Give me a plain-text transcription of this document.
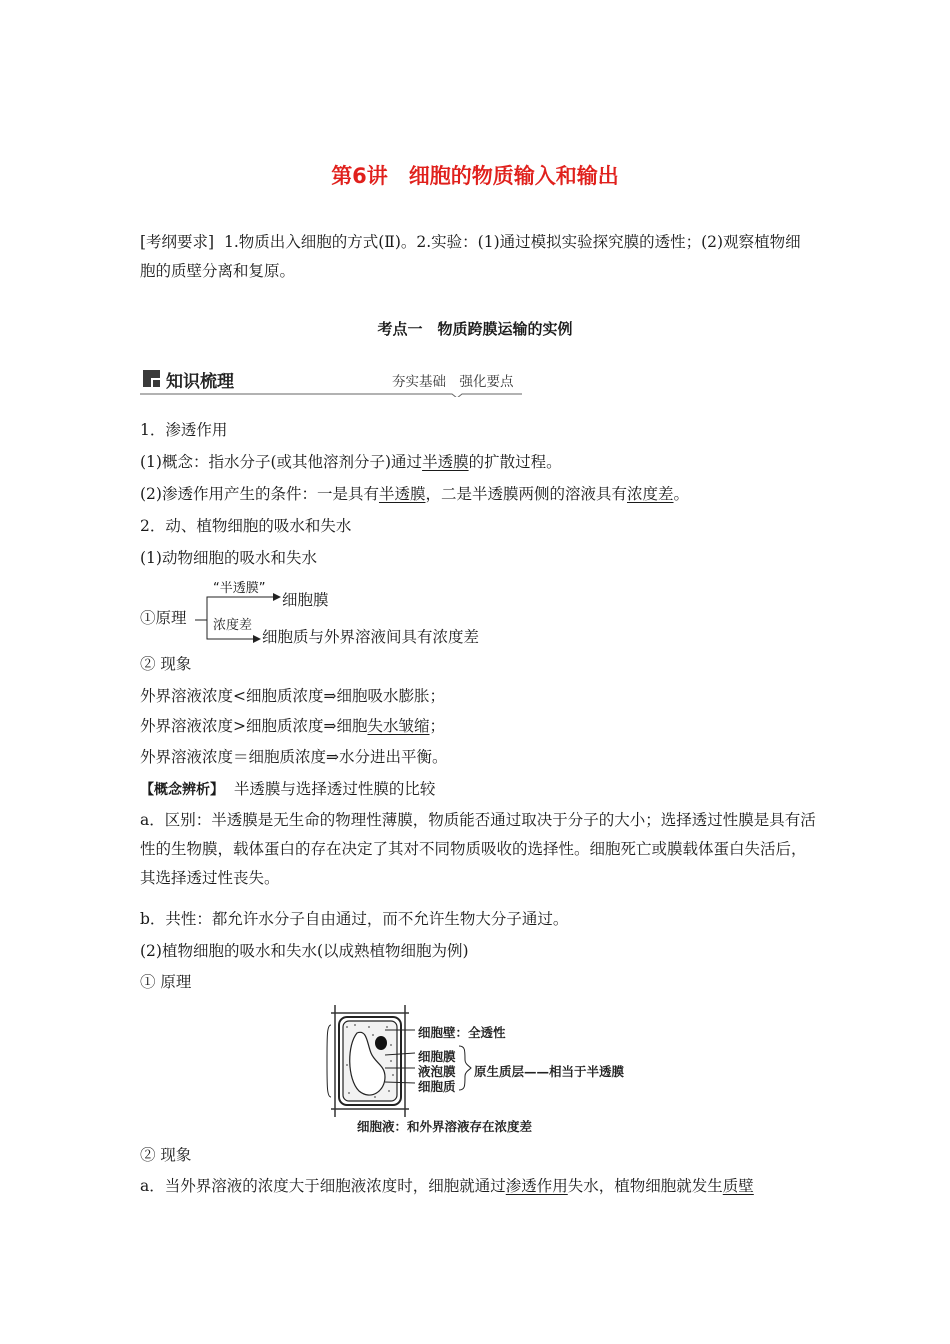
第6讲　细胞的物质输入和输出
[考纲要求] 1.物质出入细胞的方式(Ⅱ)。2.实验：(1)通过模拟实验探究膜的透性；(2)观察植物细胞的质壁分离和复原。
考点一　物质跨膜运输的实例
知识梳理	夯实基础　强化要点
1．渗透作用
(1)概念：指水分子(或其他溶剂分子)通过半透膜的扩散过程。
(2)渗透作用产生的条件：一是具有半透膜，二是半透膜两侧的溶液具有浓度差。
2．动、植物细胞的吸水和失水
(1)动物细胞的吸水和失水
①原理
“半透膜”
细胞膜
浓度差
细胞质与外界溶液间具有浓度差
② 现象
外界溶液浓度<细胞质浓度⇒细胞吸水膨胀；
外界溶液浓度>细胞质浓度⇒细胞失水皱缩；
外界溶液浓度＝细胞质浓度⇒水分进出平衡。
【概念辨析】 半透膜与选择透过性膜的比较
a．区别：半透膜是无生命的物理性薄膜，物质能否通过取决于分子的大小；选择透过性膜是具有活性的生物膜，载体蛋白的存在决定了其对不同物质吸收的选择性。细胞死亡或膜载体蛋白失活后，其选择透过性丧失。
b．共性：都允许水分子自由通过，而不允许生物大分子通过。
(2)植物细胞的吸水和失水(以成熟植物细胞为例)
① 原理
细胞壁：全透性
细胞膜
液泡膜
细胞质
原生质层——相当于半透膜
细胞液：和外界溶液存在浓度差
② 现象
a．当外界溶液的浓度大于细胞液浓度时，细胞就通过渗透作用失水，植物细胞就发生质壁
